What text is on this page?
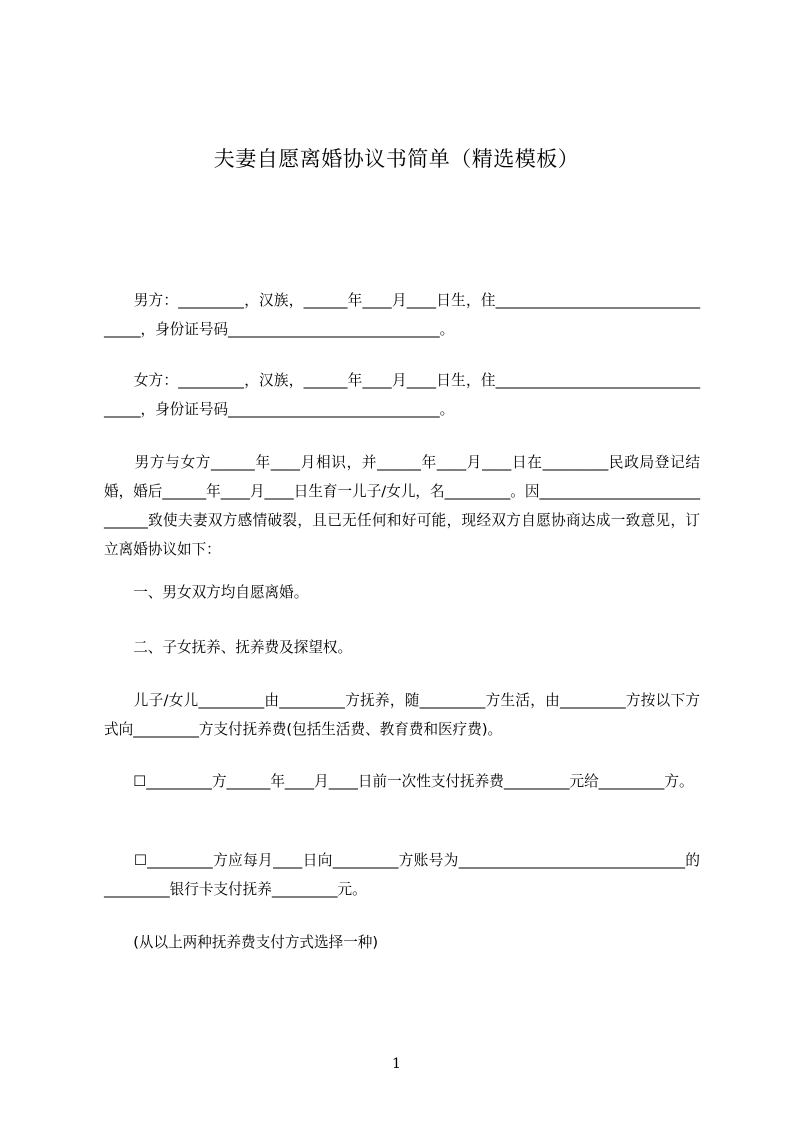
夫妻自愿离婚协议书简单（精选模板）
　　男方：_________，汉族，______年____月____日生，住_________________________________，身份证号码_____________________________。
　　女方：_________，汉族，______年____月____日生，住_________________________________，身份证号码_____________________________。
　　男方与女方______年____月相识，并______年____月____日在_________民政局登记结婚，婚后______年____月____日生育一儿子/女儿，名_________。因____________________________致使夫妻双方感情破裂，且已无任何和好可能，现经双方自愿协商达成一致意见，订立离婚协议如下：
　　一、男女双方均自愿离婚。
　　二、子女抚养、抚养费及探望权。
　　儿子/女儿_________由_________方抚养，随_________方生活，由_________方按以下方式向_________方支付抚养费(包括生活费、教育费和医疗费)。
　　☐_________方______年____月____日前一次性支付抚养费_________元给_________方。
　　☐_________方应每月____日向_________方账号为_______________________________的_________银行卡支付抚养_________元。
　　(从以上两种抚养费支付方式选择一种)
1
